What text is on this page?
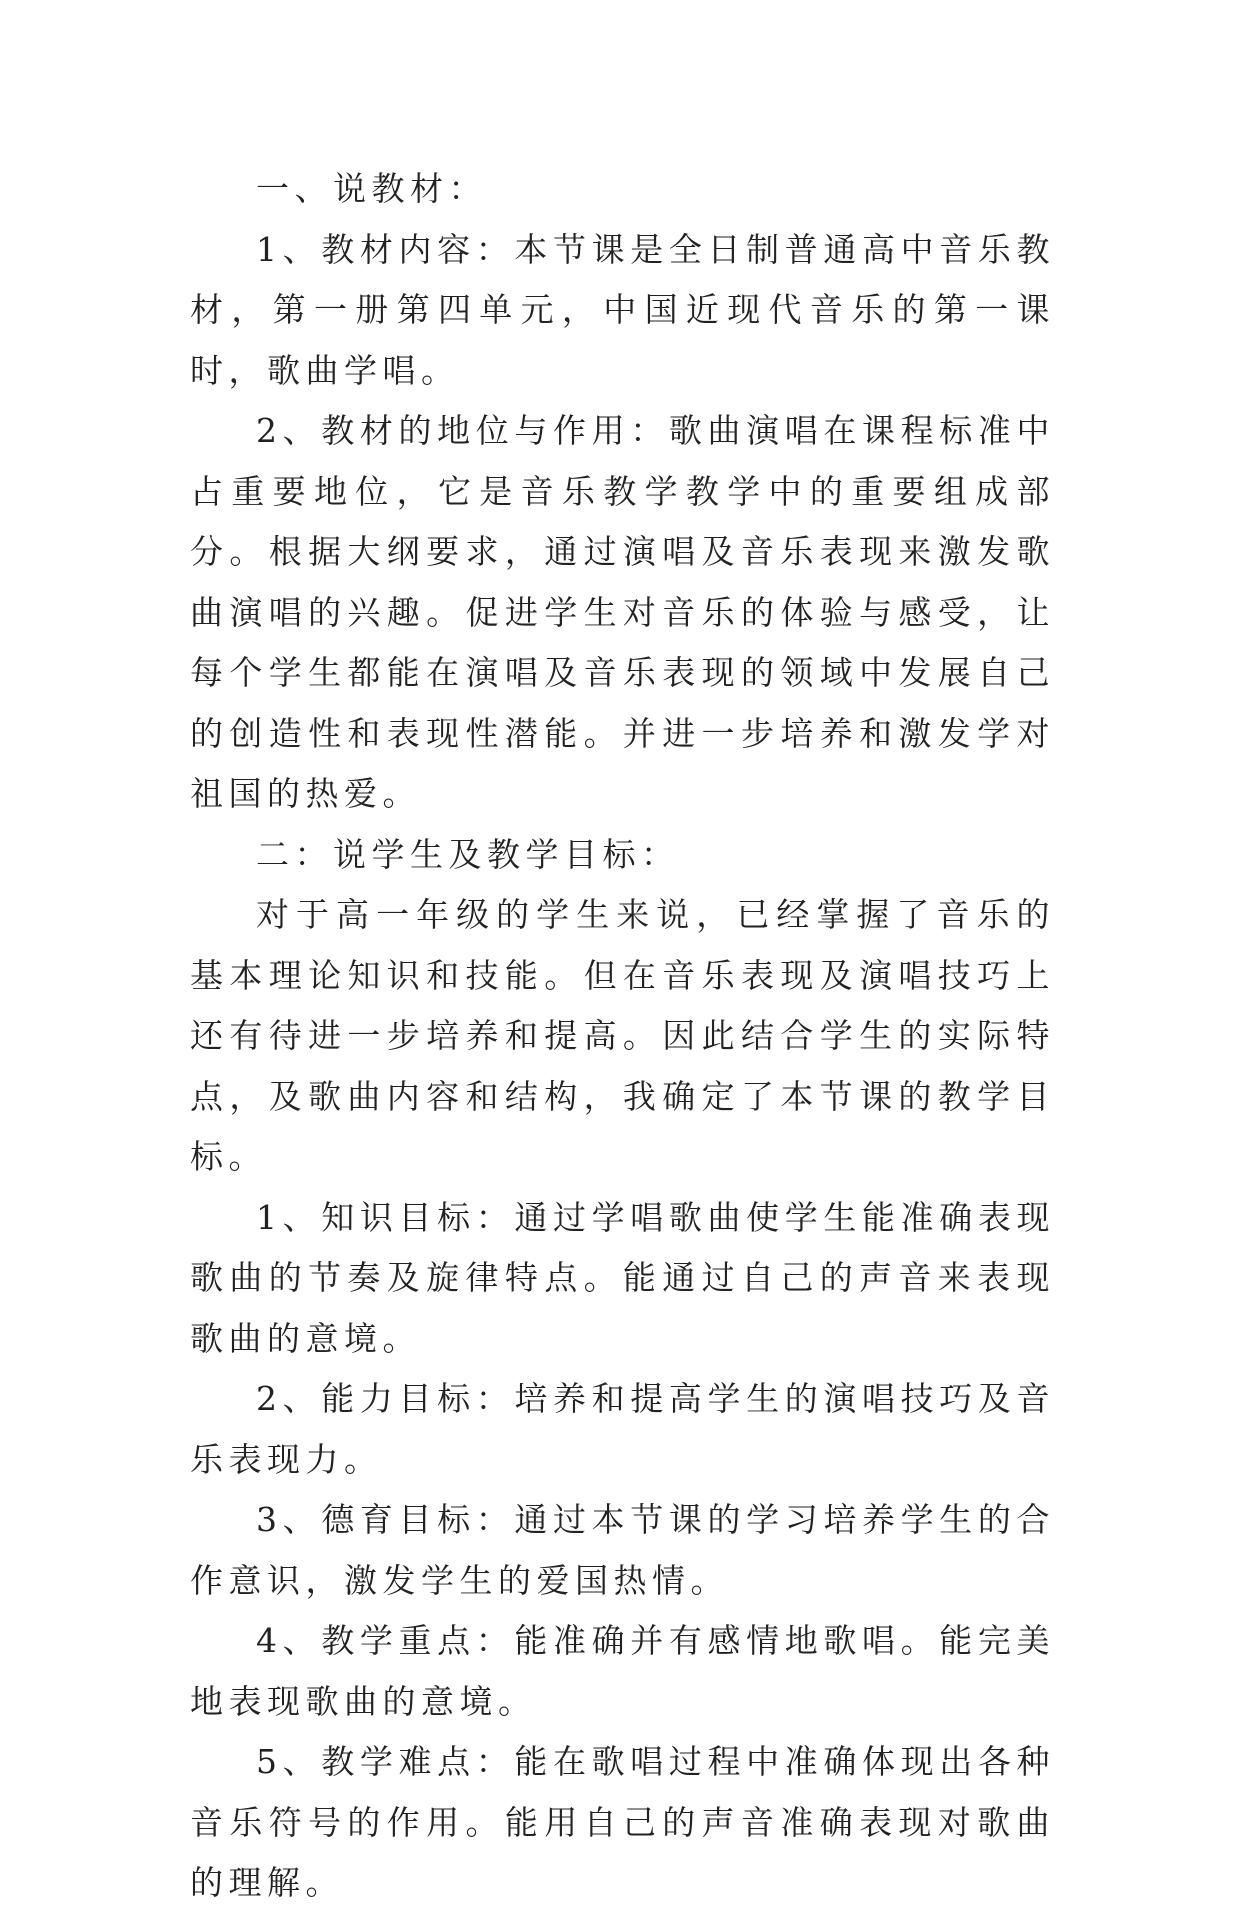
一、说教材：

1、教材内容：本节课是全日制普通高中音乐教材，第一册第四单元，中国近现代音乐的第一课时，歌曲学唱。

2、教材的地位与作用：歌曲演唱在课程标准中占重要地位，它是音乐教学教学中的重要组成部分。根据大纲要求，通过演唱及音乐表现来激发歌曲演唱的兴趣。促进学生对音乐的体验与感受，让每个学生都能在演唱及音乐表现的领域中发展自己的创造性和表现性潜能。并进一步培养和激发学对祖国的热爱。

二：说学生及教学目标：

对于高一年级的学生来说，已经掌握了音乐的基本理论知识和技能。但在音乐表现及演唱技巧上还有待进一步培养和提高。因此结合学生的实际特点，及歌曲内容和结构，我确定了本节课的教学目标。

1、知识目标：通过学唱歌曲使学生能准确表现歌曲的节奏及旋律特点。能通过自己的声音来表现歌曲的意境。

2、能力目标：培养和提高学生的演唱技巧及音乐表现力。

3、德育目标：通过本节课的学习培养学生的合作意识，激发学生的爱国热情。

4、教学重点：能准确并有感情地歌唱。能完美地表现歌曲的意境。

5、教学难点：能在歌唱过程中准确体现出各种音乐符号的作用。能用自己的声音准确表现对歌曲的理解。
